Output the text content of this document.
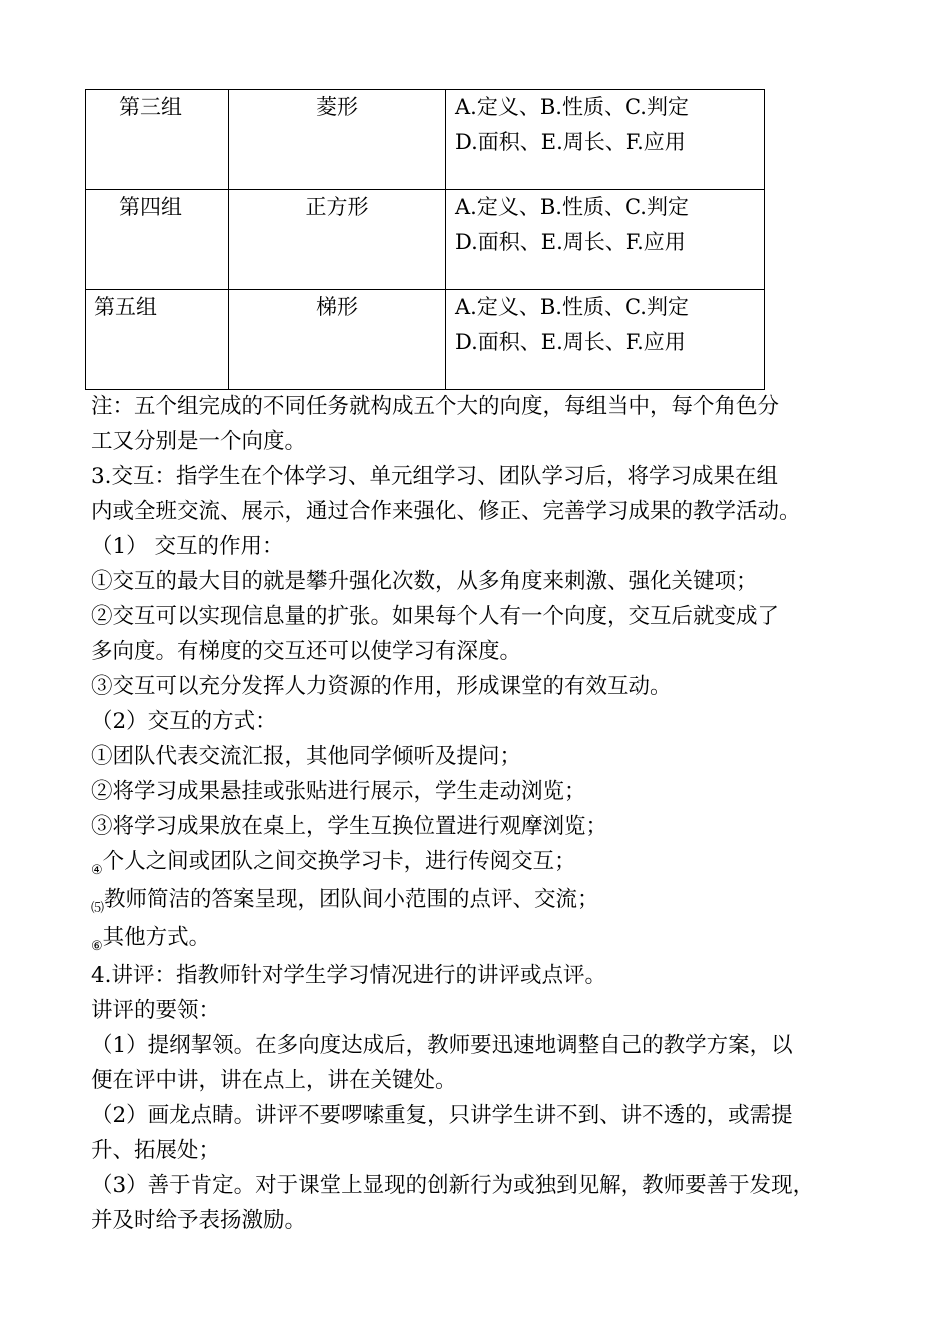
第三组	菱形	A.定义、B.性质、C.判定
D.面积、E.周长、F.应用

第四组	正方形	A.定义、B.性质、C.判定
D.面积、E.周长、F.应用

第五组	梯形	A.定义、B.性质、C.判定
D.面积、E.周长、F.应用

注：五个组完成的不同任务就构成五个大的向度，每组当中，每个角色分

工又分别是一个向度。

3.交互：指学生在个体学习、单元组学习、团队学习后，将学习成果在组

内或全班交流、展示，通过合作来强化、修正、完善学习成果的教学活动。

（1） 交互的作用：

①交互的最大目的就是攀升强化次数，从多角度来刺激、强化关键项；

②交互可以实现信息量的扩张。如果每个人有一个向度，交互后就变成了

多向度。有梯度的交互还可以使学习有深度。

③交互可以充分发挥人力资源的作用，形成课堂的有效互动。

（2）交互的方式：

①团队代表交流汇报，其他同学倾听及提问；

②将学习成果悬挂或张贴进行展示，学生走动浏览；

③将学习成果放在桌上，学生互换位置进行观摩浏览；

$_④$个人之间或团队之间交换学习卡，进行传阅交互；

$_⑸$教师简洁的答案呈现，团队间小范围的点评、交流；

$_⑥$其他方式。

4.讲评：指教师针对学生学习情况进行的讲评或点评。

讲评的要领：

（1）提纲挈领。在多向度达成后，教师要迅速地调整自己的教学方案，以

便在评中讲，讲在点上，讲在关键处。

（2）画龙点睛。讲评不要啰嗦重复，只讲学生讲不到、讲不透的，或需提

升、拓展处；

（3）善于肯定。对于课堂上显现的创新行为或独到见解，教师要善于发现，

并及时给予表扬激励。
